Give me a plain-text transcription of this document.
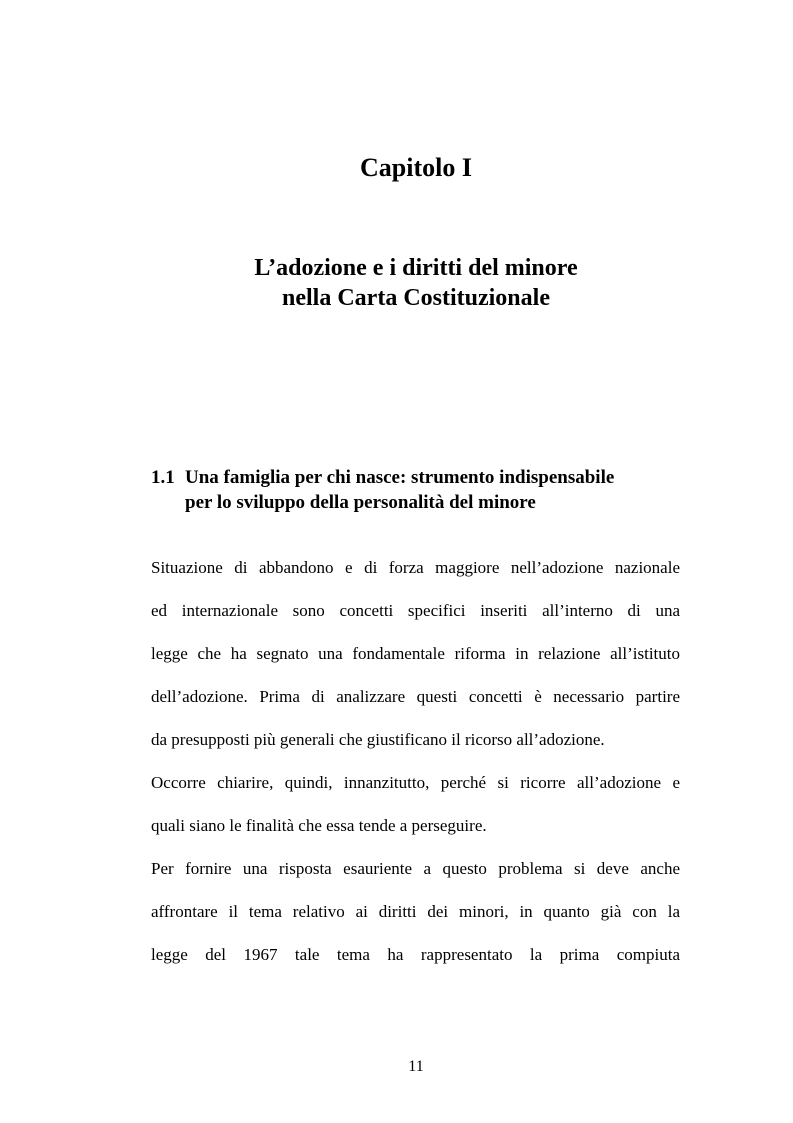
Capitolo I
L’adozione e i diritti del minore
nella Carta Costituzionale
1.1 Una famiglia per chi nasce: strumento indispensabile
per lo sviluppo della personalità del minore
Situazione di abbandono e di forza maggiore nell’adozione nazionale
ed internazionale sono concetti specifici inseriti all’interno di una
legge che ha segnato una fondamentale riforma in relazione all’istituto
dell’adozione. Prima di analizzare questi concetti è necessario partire
da presupposti più generali che giustificano il ricorso all’adozione.
Occorre chiarire, quindi, innanzitutto, perché si ricorre all’adozione e
quali siano le finalità che essa tende a perseguire.
Per fornire una risposta esauriente a questo problema si deve anche
affrontare il tema relativo ai diritti dei minori, in quanto già con la
legge del 1967 tale tema ha rappresentato la prima compiuta
11
